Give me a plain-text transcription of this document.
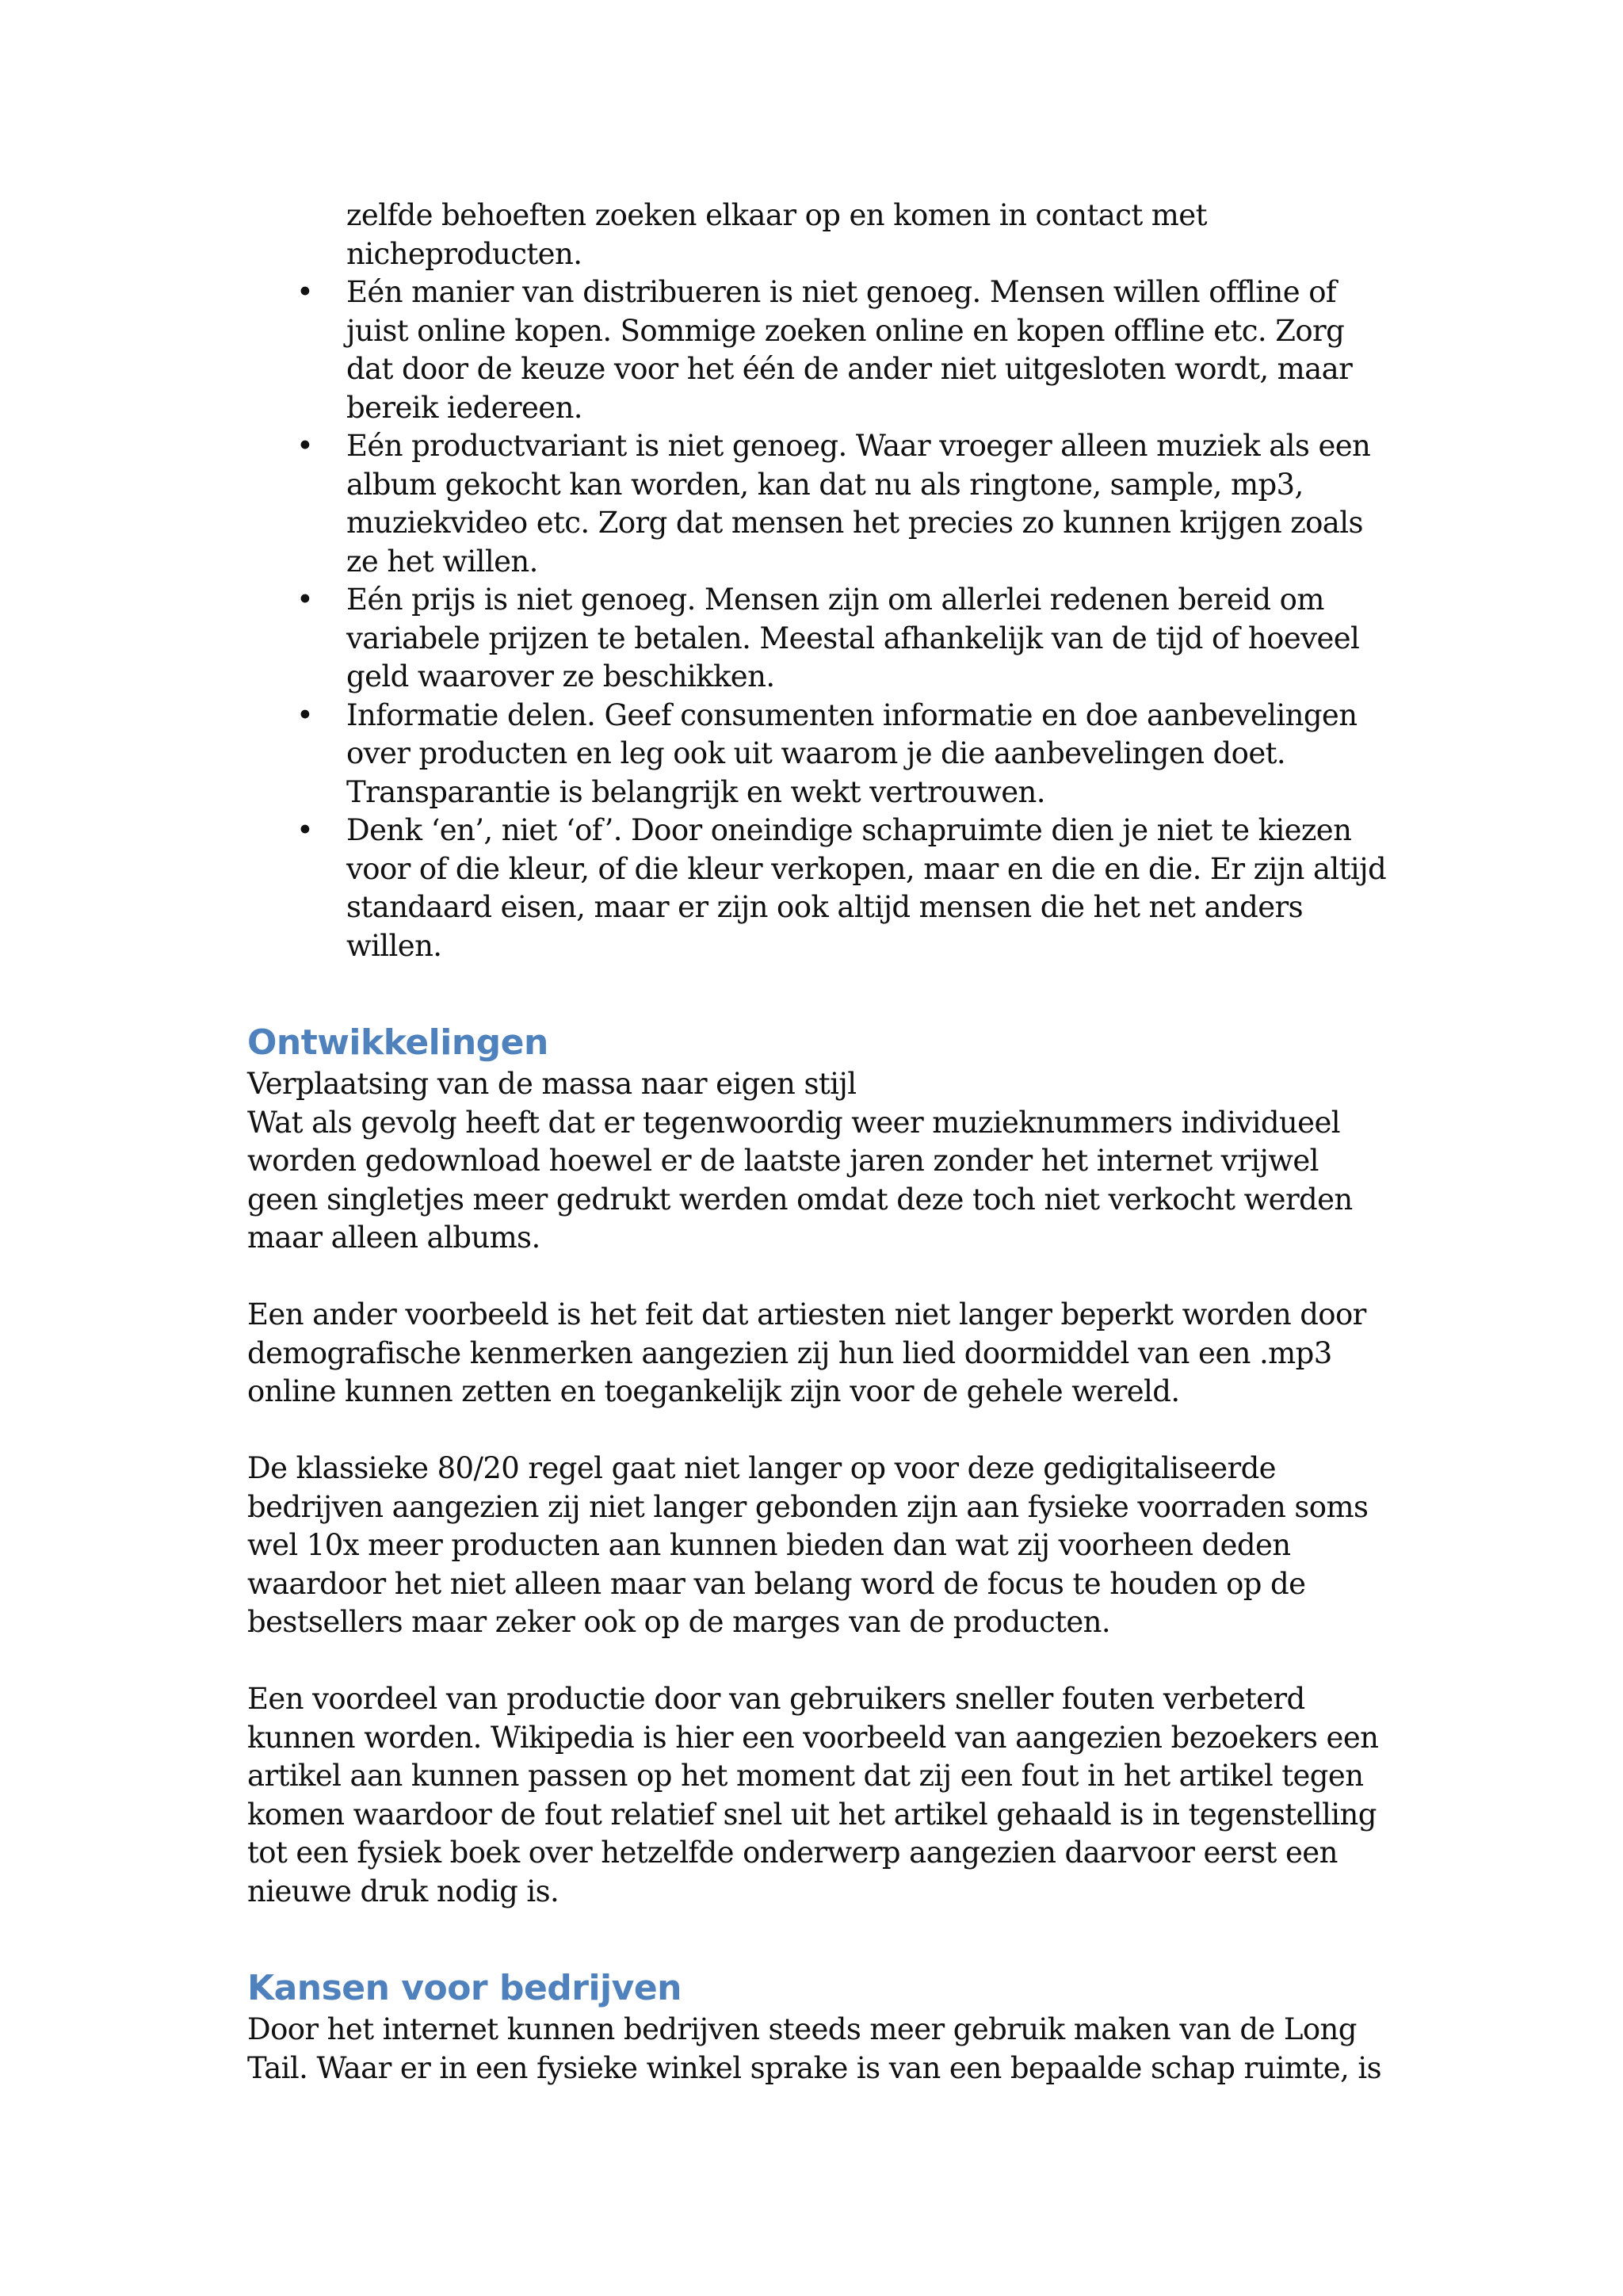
zelfde behoeften zoeken elkaar op en komen in contact met nicheproducten.

• Eén manier van distribueren is niet genoeg. Mensen willen offline of juist online kopen. Sommige zoeken online en kopen offline etc. Zorg dat door de keuze voor het één de ander niet uitgesloten wordt, maar bereik iedereen.
• Eén productvariant is niet genoeg. Waar vroeger alleen muziek als een album gekocht kan worden, kan dat nu als ringtone, sample, mp3, muziekvideo etc. Zorg dat mensen het precies zo kunnen krijgen zoals ze het willen.
• Eén prijs is niet genoeg. Mensen zijn om allerlei redenen bereid om variabele prijzen te betalen. Meestal afhankelijk van de tijd of hoeveel geld waarover ze beschikken.
• Informatie delen. Geef consumenten informatie en doe aanbevelingen over producten en leg ook uit waarom je die aanbevelingen doet. Transparantie is belangrijk en wekt vertrouwen.
• Denk ‘en’, niet ‘of’. Door oneindige schapruimte dien je niet te kiezen voor of die kleur, of die kleur verkopen, maar en die en die. Er zijn altijd standaard eisen, maar er zijn ook altijd mensen die het net anders willen.
Ontwikkelingen

Verplaatsing van de massa naar eigen stijl

Wat als gevolg heeft dat er tegenwoordig weer muzieknummers individueel worden gedownload hoewel er de laatste jaren zonder het internet vrijwel geen singletjes meer gedrukt werden omdat deze toch niet verkocht werden maar alleen albums.

Een ander voorbeeld is het feit dat artiesten niet langer beperkt worden door demografische kenmerken aangezien zij hun lied doormiddel van een .mp3 online kunnen zetten en toegankelijk zijn voor de gehele wereld.

De klassieke 80/20 regel gaat niet langer op voor deze gedigitaliseerde bedrijven aangezien zij niet langer gebonden zijn aan fysieke voorraden soms wel 10x meer producten aan kunnen bieden dan wat zij voorheen deden waardoor het niet alleen maar van belang word de focus te houden op de bestsellers maar zeker ook op de marges van de producten.

Een voordeel van productie door van gebruikers sneller fouten verbeterd kunnen worden. Wikipedia is hier een voorbeeld van aangezien bezoekers een artikel aan kunnen passen op het moment dat zij een fout in het artikel tegen komen waardoor de fout relatief snel uit het artikel gehaald is in tegenstelling tot een fysiek boek over hetzelfde onderwerp aangezien daarvoor eerst een nieuwe druk nodig is.

Kansen voor bedrijven

Door het internet kunnen bedrijven steeds meer gebruik maken van de Long Tail. Waar er in een fysieke winkel sprake is van een bepaalde schap ruimte, is
